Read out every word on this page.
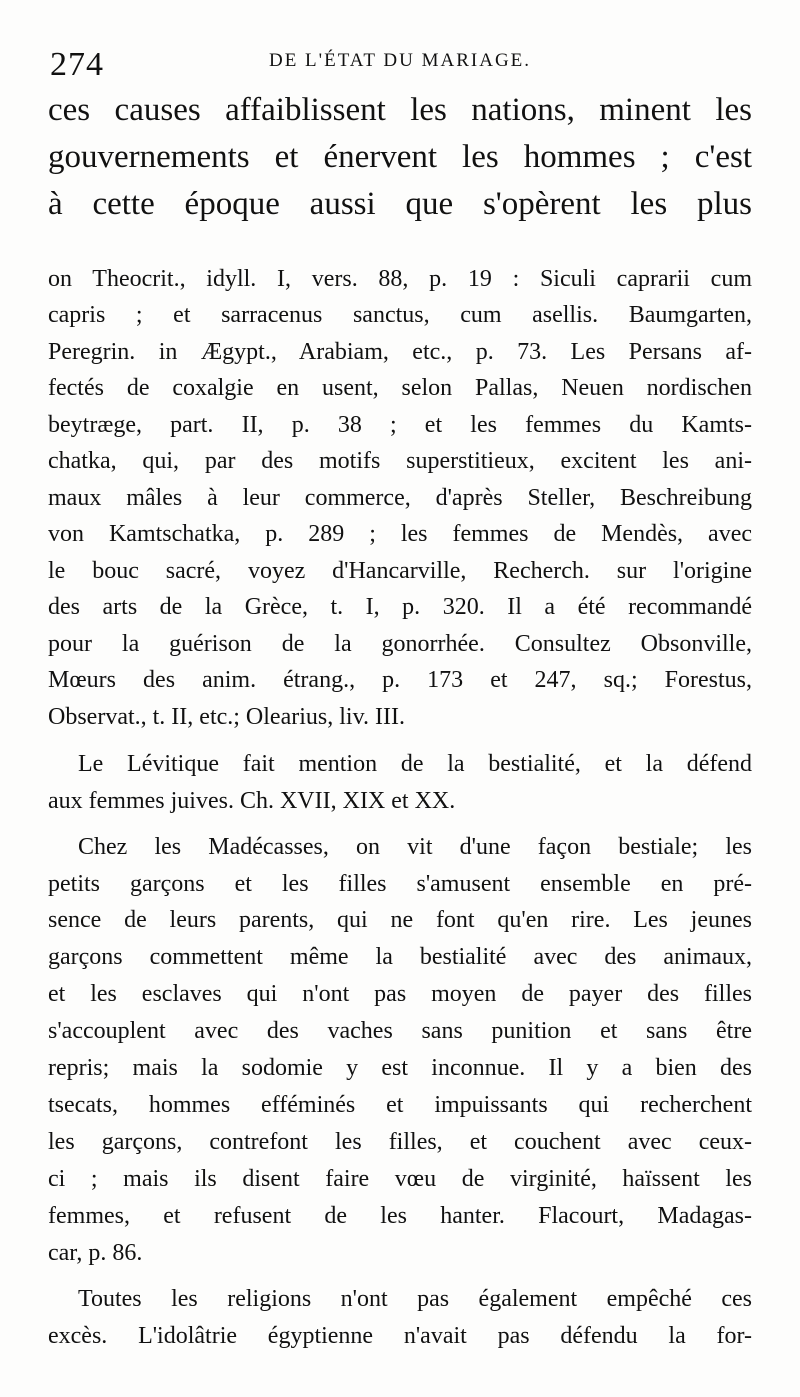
274	DE L'ÉTAT DU MARIAGE.
ces causes affaiblissent les nations, minent les
gouvernements et énervent les hommes ; c'est
à cette époque aussi que s'opèrent les plus
on Theocrit., idyll. I, vers. 88, p. 19 : Siculi caprarii cum
capris ; et sarracenus sanctus, cum asellis. Baumgarten,
Peregrin. in Ægypt., Arabiam, etc., p. 73. Les Persans af-
fectés de coxalgie en usent, selon Pallas, Neuen nordischen
beytræge, part. II, p. 38 ; et les femmes du Kamts-
chatka, qui, par des motifs superstitieux, excitent les ani-
maux mâles à leur commerce, d'après Steller, Beschreibung
von Kamtschatka, p. 289 ; les femmes de Mendès, avec
le bouc sacré, voyez d'Hancarville, Recherch. sur l'origine
des arts de la Grèce, t. I, p. 320. Il a été recommandé
pour la guérison de la gonorrhée. Consultez Obsonville,
Mœurs des anim. étrang., p. 173 et 247, sq.; Forestus,
Observat., t. II, etc.; Olearius, liv. III.
Le Lévitique fait mention de la bestialité, et la défend
aux femmes juives. Ch. XVII, XIX et XX.
Chez les Madécasses, on vit d'une façon bestiale; les
petits garçons et les filles s'amusent ensemble en pré-
sence de leurs parents, qui ne font qu'en rire. Les jeunes
garçons commettent même la bestialité avec des animaux,
et les esclaves qui n'ont pas moyen de payer des filles
s'accouplent avec des vaches sans punition et sans être
repris; mais la sodomie y est inconnue. Il y a bien des
tsecats, hommes efféminés et impuissants qui recherchent
les garçons, contrefont les filles, et couchent avec ceux-
ci ; mais ils disent faire vœu de virginité, haïssent les
femmes, et refusent de les hanter. Flacourt, Madagas-
car, p. 86.
Toutes les religions n'ont pas également empêché ces
excès. L'idolâtrie égyptienne n'avait pas défendu la for-
